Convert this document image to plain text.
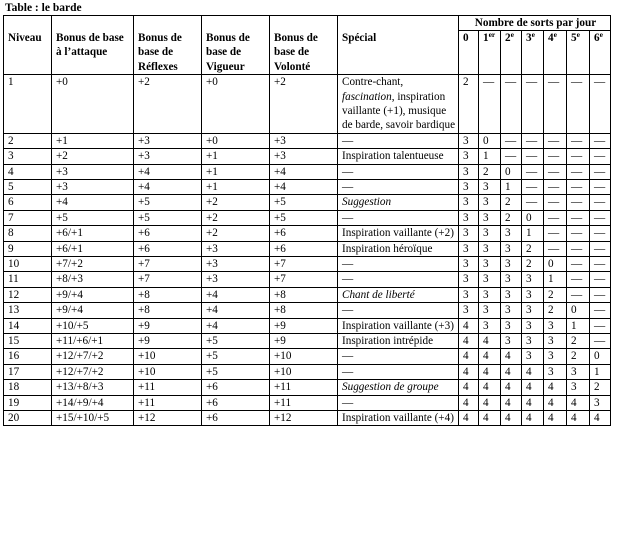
Table : le barde
						Nombre de sorts par jour						
Niveau	Bonus de base à l’attaque	Bonus de base de Réflexes	Bonus de base de Vigueur	Bonus de base de Volonté	Spécial	0	1er	2e	3e	4e	5e	6e
1	+0	+2	+0	+2	Contre-chant, fascination, inspiration vaillante (+1), musique de barde, savoir bardique	2	—	—	—	—	—	—
2	+1	+3	+0	+3	—	3	0	—	—	—	—	—
3	+2	+3	+1	+3	Inspiration talentueuse	3	1	—	—	—	—	—
4	+3	+4	+1	+4	—	3	2	0	—	—	—	—
5	+3	+4	+1	+4	—	3	3	1	—	—	—	—
6	+4	+5	+2	+5	Suggestion	3	3	2	—	—	—	—
7	+5	+5	+2	+5	—	3	3	2	0	—	—	—
8	+6/+1	+6	+2	+6	Inspiration vaillante (+2)	3	3	3	1	—	—	—
9	+6/+1	+6	+3	+6	Inspiration héroïque	3	3	3	2	—	—	—
10	+7/+2	+7	+3	+7	—	3	3	3	2	0	—	—
11	+8/+3	+7	+3	+7	—	3	3	3	3	1	—	—
12	+9/+4	+8	+4	+8	Chant de liberté	3	3	3	3	2	—	—
13	+9/+4	+8	+4	+8	—	3	3	3	3	2	0	—
14	+10/+5	+9	+4	+9	Inspiration vaillante (+3)	4	3	3	3	3	1	—
15	+11/+6/+1	+9	+5	+9	Inspiration intrépide	4	4	3	3	3	2	—
16	+12/+7/+2	+10	+5	+10	—	4	4	4	3	3	2	0
17	+12/+7/+2	+10	+5	+10	—	4	4	4	4	3	3	1
18	+13/+8/+3	+11	+6	+11	Suggestion de groupe	4	4	4	4	4	3	2
19	+14/+9/+4	+11	+6	+11	—	4	4	4	4	4	4	3
20	+15/+10/+5	+12	+6	+12	Inspiration vaillante (+4)	4	4	4	4	4	4	4
